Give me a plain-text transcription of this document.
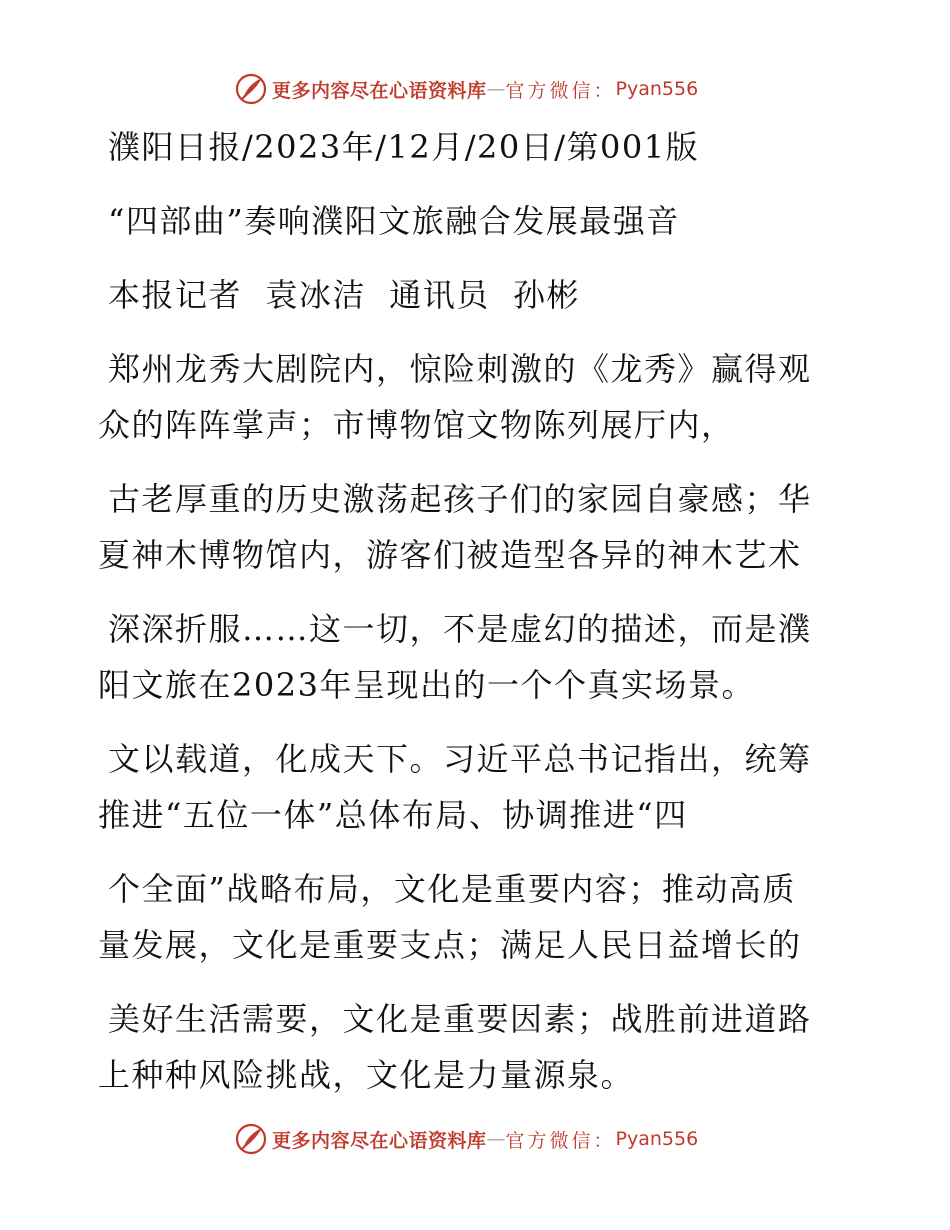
更多内容尽在心语资料库 — 官方微信： Pyan556
濮阳日报/2023年/12月/20日/第001版
“四部曲”奏响濮阳文旅融合发展最强音
本报记者  袁冰洁  通讯员  孙彬
郑州龙秀大剧院内，惊险刺激的《龙秀》赢得观
众的阵阵掌声；市博物馆文物陈列展厅内，
古老厚重的历史激荡起孩子们的家园自豪感；华
夏神木博物馆内，游客们被造型各异的神木艺术
深深折服……这一切，不是虚幻的描述，而是濮
阳文旅在2023年呈现出的一个个真实场景。
文以载道，化成天下。习近平总书记指出，统筹
推进“五位一体”总体布局、协调推进“四
个全面”战略布局，文化是重要内容；推动高质
量发展，文化是重要支点；满足人民日益增长的
美好生活需要，文化是重要因素；战胜前进道路
上种种风险挑战，文化是力量源泉。
更多内容尽在心语资料库 — 官方微信： Pyan556
